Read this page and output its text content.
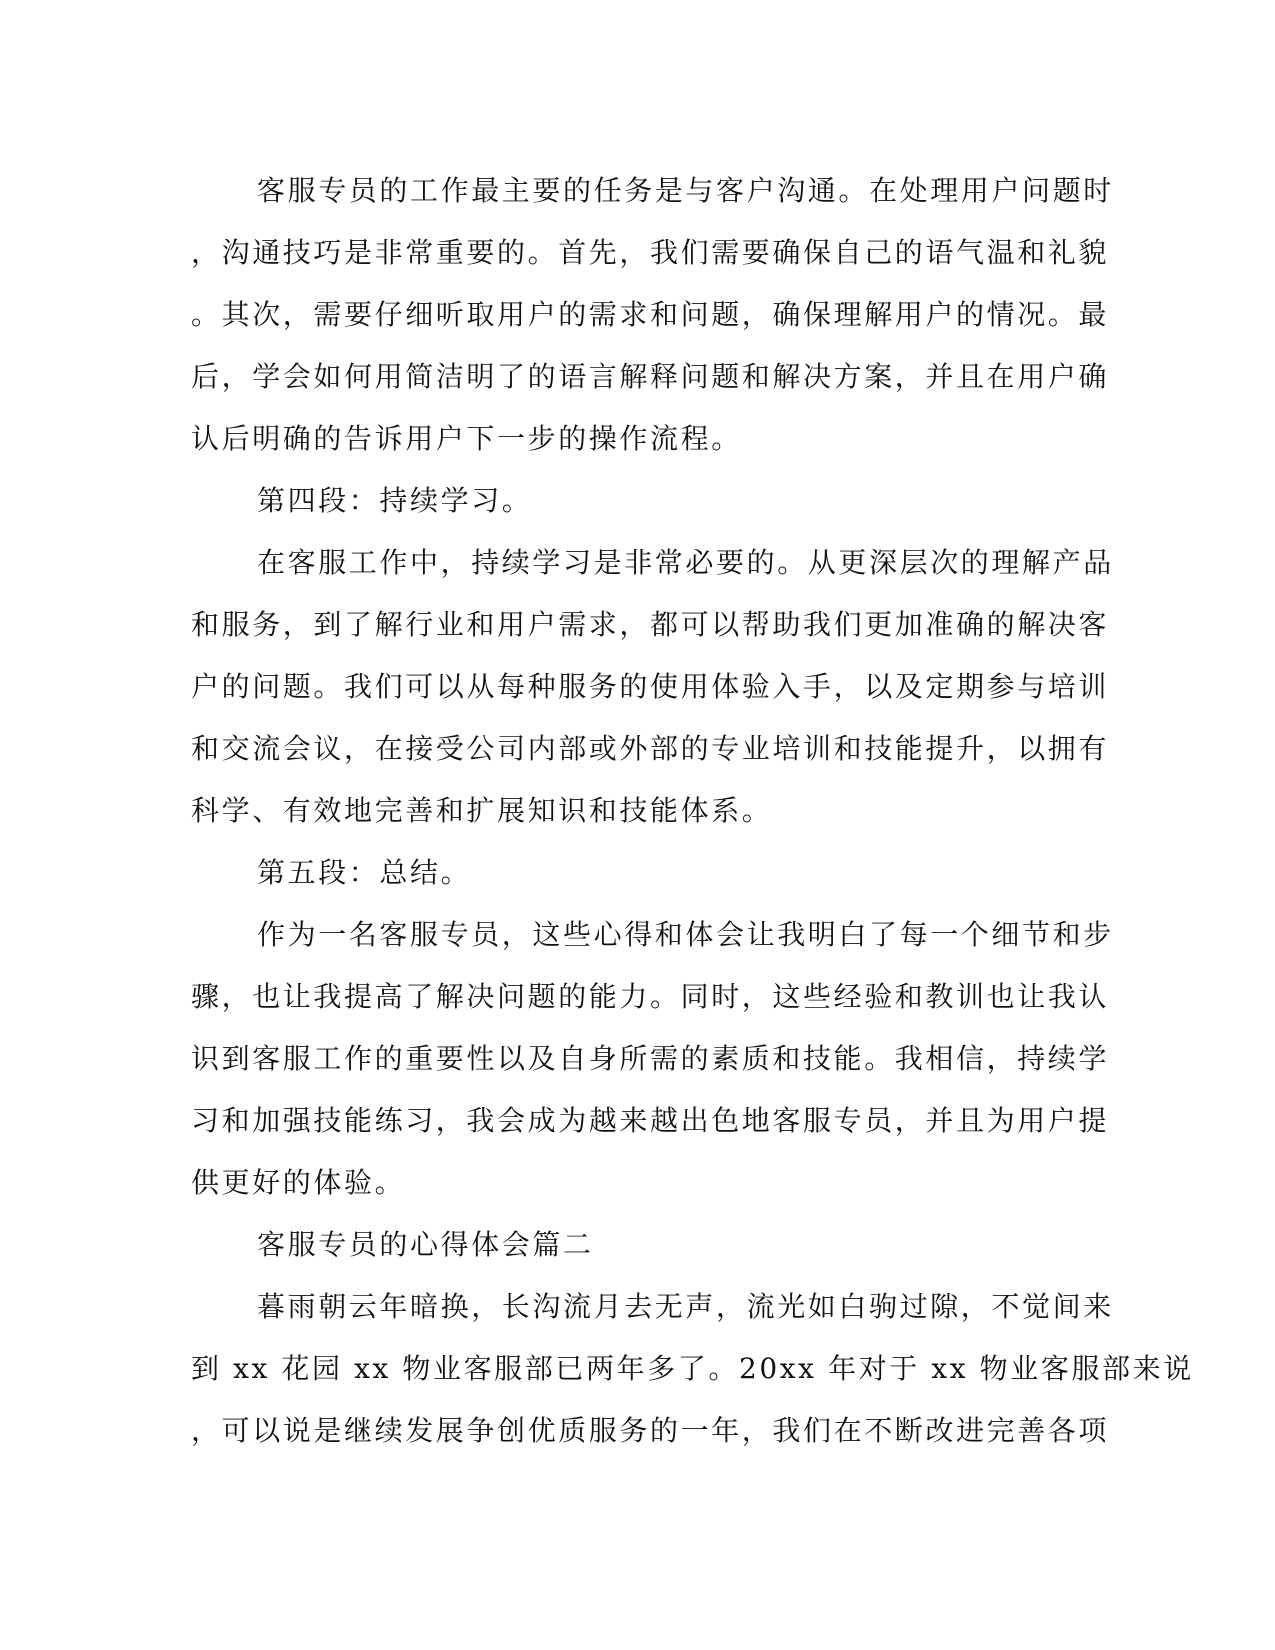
客服专员的工作最主要的任务是与客户沟通。在处理用户问题时
，沟通技巧是非常重要的。首先，我们需要确保自己的语气温和礼貌
。其次，需要仔细听取用户的需求和问题，确保理解用户的情况。最
后，学会如何用简洁明了的语言解释问题和解决方案，并且在用户确
认后明确的告诉用户下一步的操作流程。
第四段：持续学习。
在客服工作中，持续学习是非常必要的。从更深层次的理解产品
和服务，到了解行业和用户需求，都可以帮助我们更加准确的解决客
户的问题。我们可以从每种服务的使用体验入手，以及定期参与培训
和交流会议，在接受公司内部或外部的专业培训和技能提升，以拥有
科学、有效地完善和扩展知识和技能体系。
第五段：总结。
作为一名客服专员，这些心得和体会让我明白了每一个细节和步
骤，也让我提高了解决问题的能力。同时，这些经验和教训也让我认
识到客服工作的重要性以及自身所需的素质和技能。我相信，持续学
习和加强技能练习，我会成为越来越出色地客服专员，并且为用户提
供更好的体验。
客服专员的心得体会篇二
暮雨朝云年暗换，长沟流月去无声，流光如白驹过隙，不觉间来
到 xx 花园 xx 物业客服部已两年多了。20xx 年对于 xx 物业客服部来说
，可以说是继续发展争创优质服务的一年，我们在不断改进完善各项
